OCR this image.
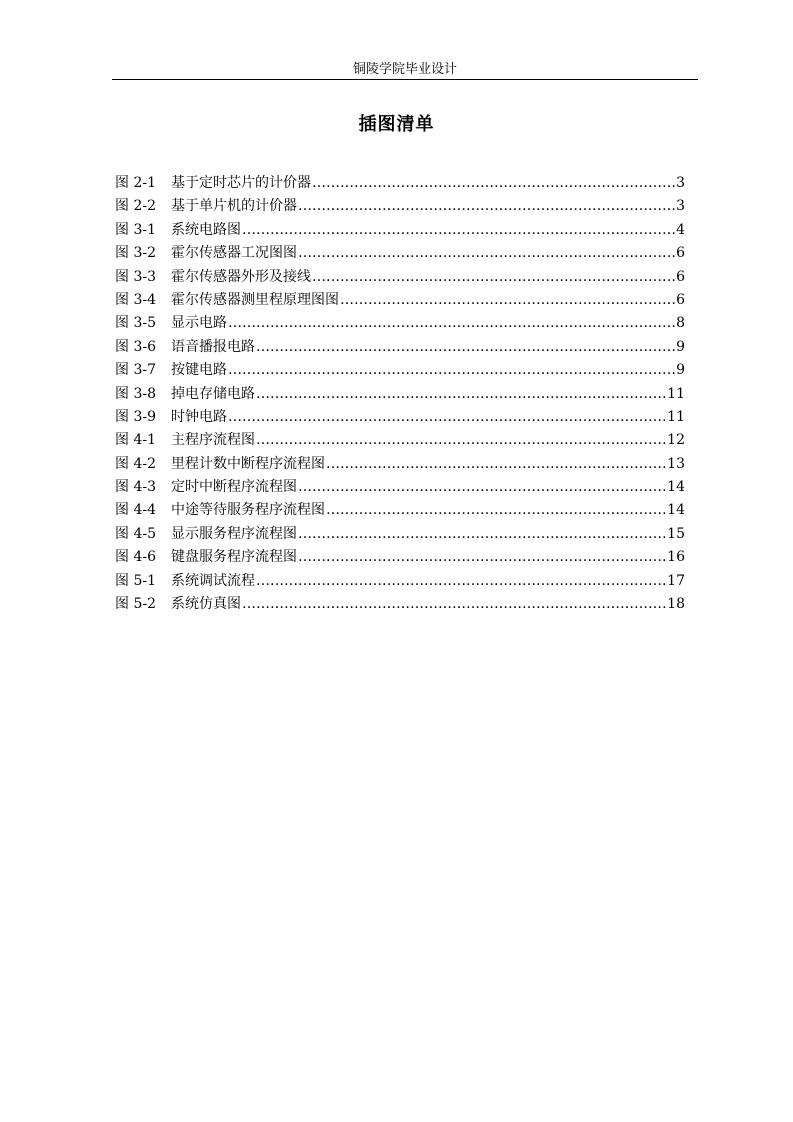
铜陵学院毕业设计
插图清单
图 2-1	基于定时芯片的计价器 ……………………………………………………………………………………………………………………………………………………………………	3
图 2-2	基于单片机的计价器 ……………………………………………………………………………………………………………………………………………………………………	3
图 3-1	系统电路图 ……………………………………………………………………………………………………………………………………………………………………	4
图 3-2	霍尔传感器工况图图 ……………………………………………………………………………………………………………………………………………………………………	6
图 3-3	霍尔传感器外形及接线 ……………………………………………………………………………………………………………………………………………………………………	6
图 3-4	霍尔传感器测里程原理图图 ……………………………………………………………………………………………………………………………………………………………………	6
图 3-5	显示电路 ……………………………………………………………………………………………………………………………………………………………………	8
图 3-6	语音播报电路 ……………………………………………………………………………………………………………………………………………………………………	9
图 3-7	按键电路 ……………………………………………………………………………………………………………………………………………………………………	9
图 3-8	掉电存储电路 ……………………………………………………………………………………………………………………………………………………………………	11
图 3-9	时钟电路 ……………………………………………………………………………………………………………………………………………………………………	11
图 4-1	主程序流程图 ……………………………………………………………………………………………………………………………………………………………………	12
图 4-2	里程计数中断程序流程图 ……………………………………………………………………………………………………………………………………………………………………	13
图 4-3	定时中断程序流程图 ……………………………………………………………………………………………………………………………………………………………………	14
图 4-4	中途等待服务程序流程图 ……………………………………………………………………………………………………………………………………………………………………	14
图 4-5	显示服务程序流程图 ……………………………………………………………………………………………………………………………………………………………………	15
图 4-6	键盘服务程序流程图 ……………………………………………………………………………………………………………………………………………………………………	16
图 5-1	系统调试流程 ……………………………………………………………………………………………………………………………………………………………………	17
图 5-2	系统仿真图 ……………………………………………………………………………………………………………………………………………………………………	18
